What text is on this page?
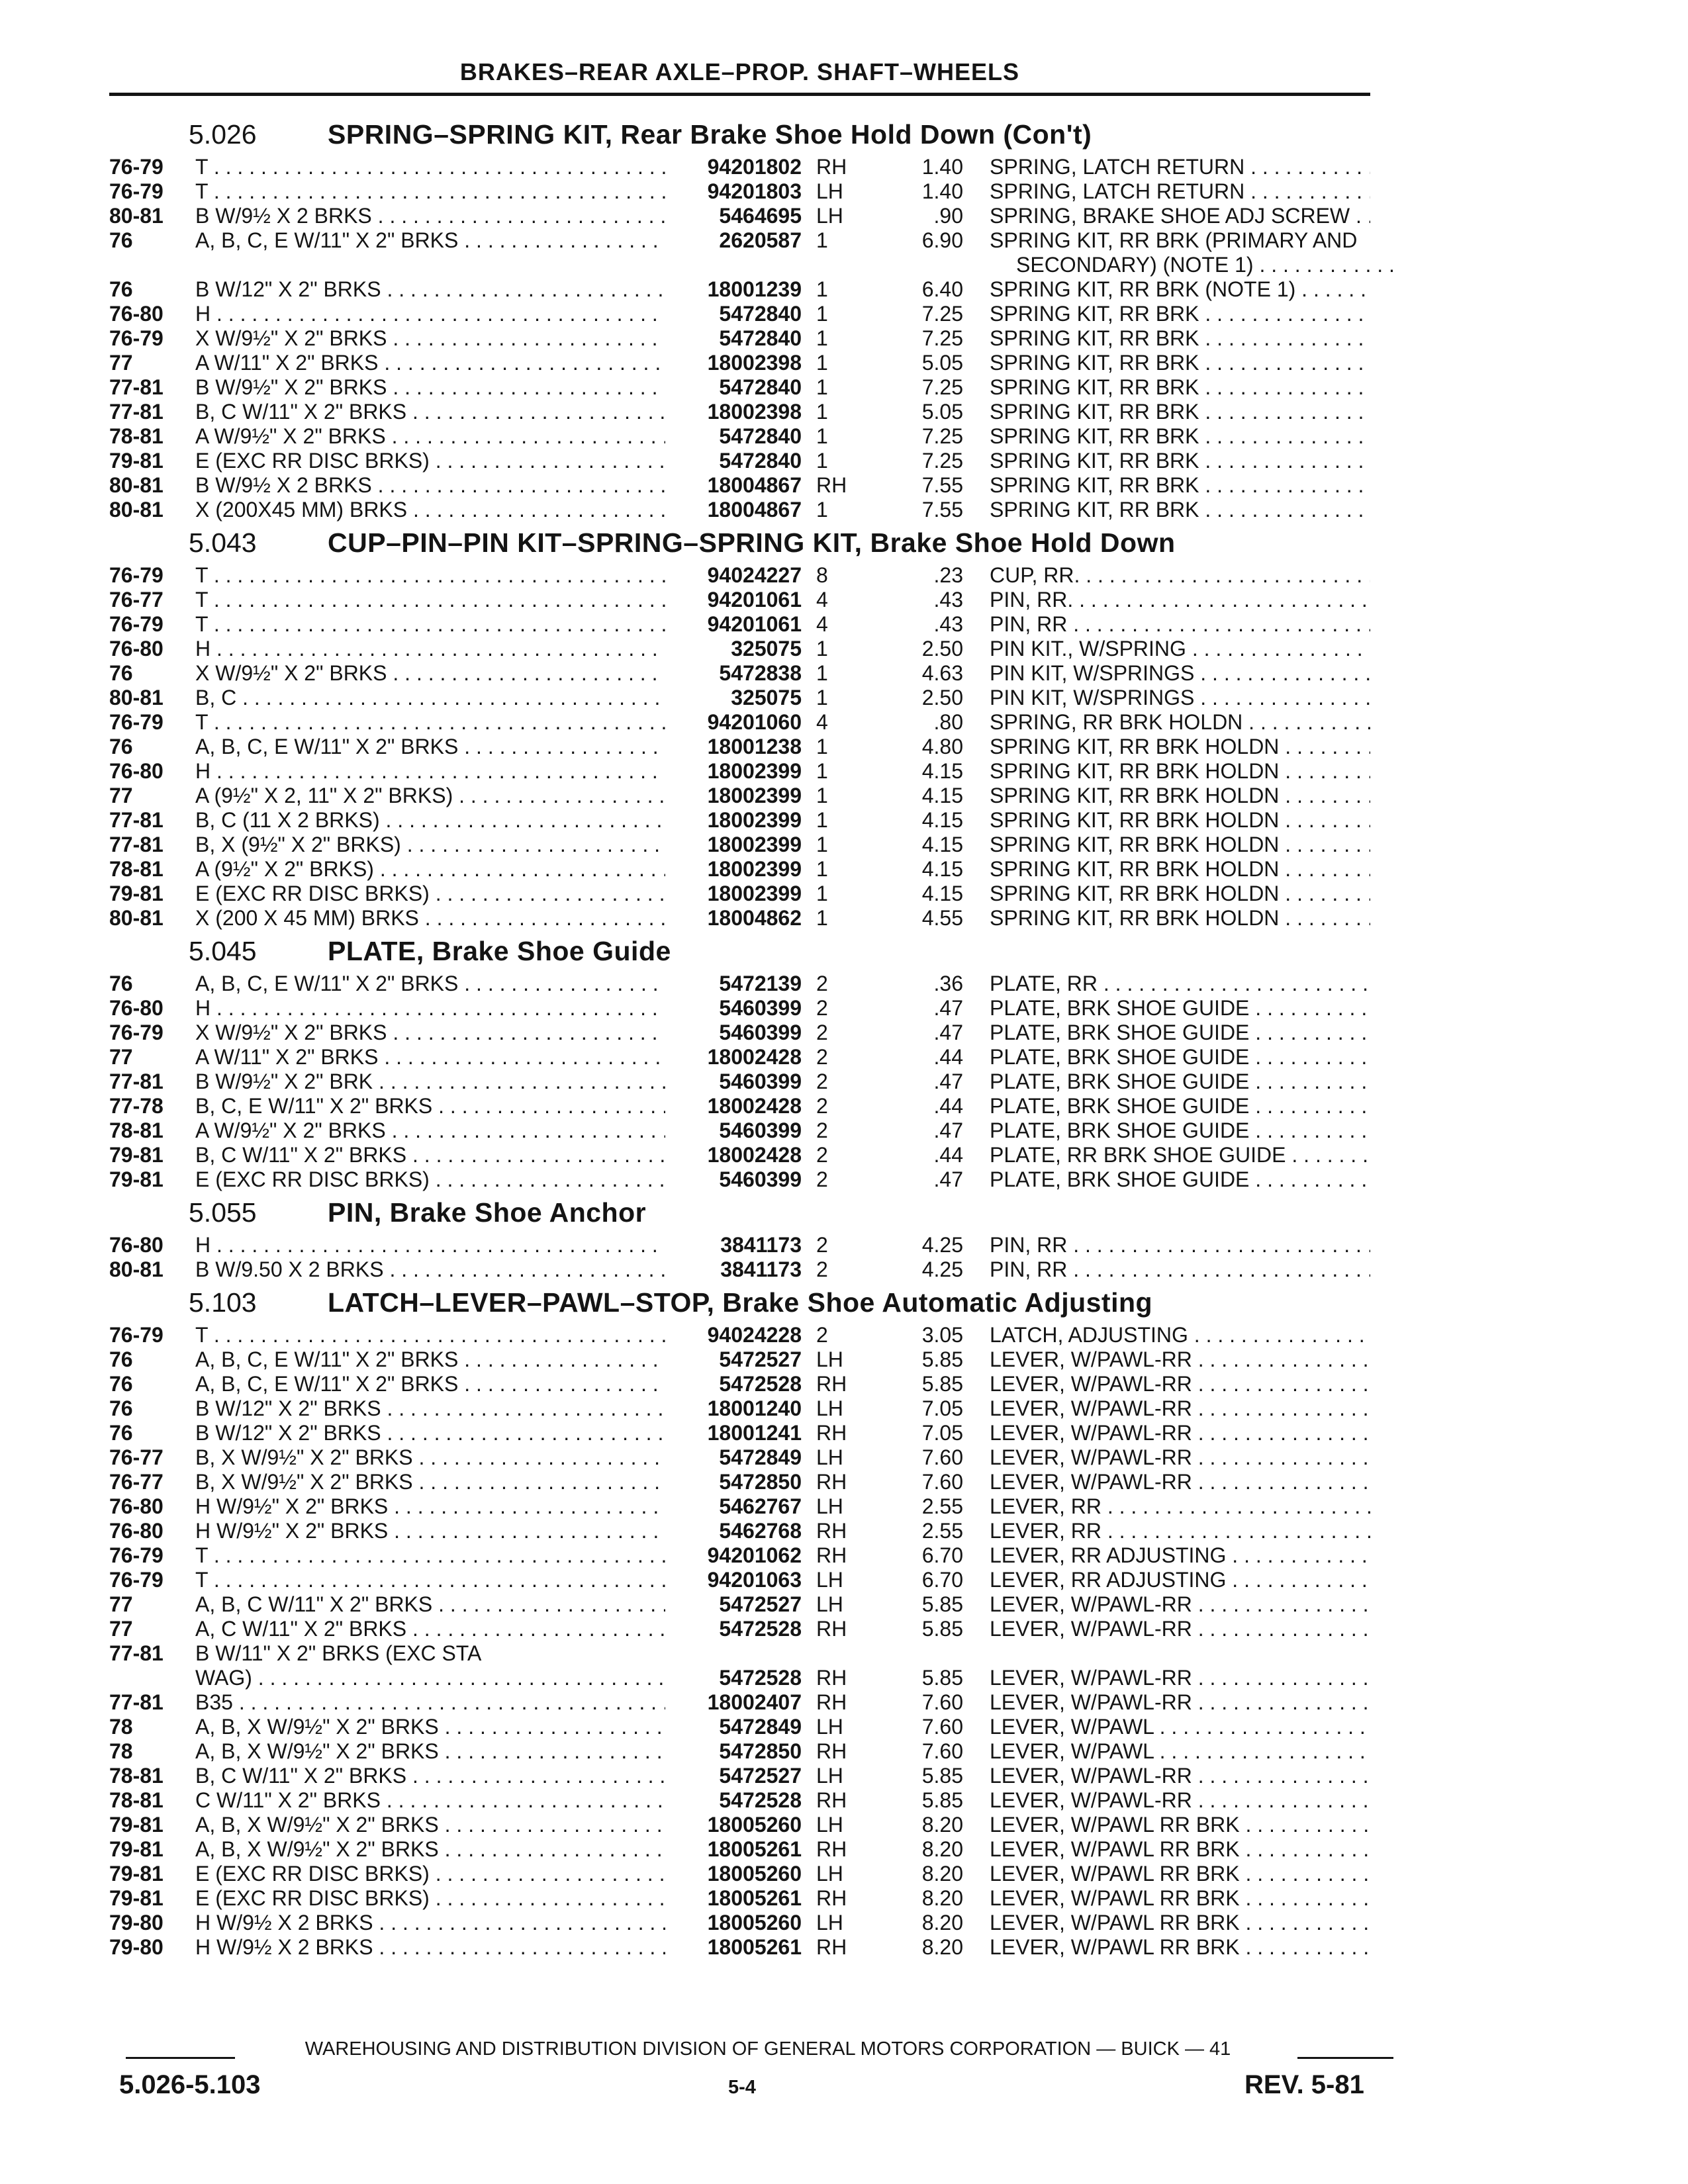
BRAKES–REAR AXLE–PROP. SHAFT–WHEELS
5.026	SPRING–SPRING KIT, Rear Brake Shoe Hold Down (Con't)
76-79	T . . .	94201802 RH	1.40 SPRING, LATCH RETURN . . .
76-79	T . . .	94201803 LH	1.40 SPRING, LATCH RETURN . . .
80-81	B W/9½ X 2 BRKS . . .	5464695 LH	.90 SPRING, BRAKE SHOE ADJ SCREW . . .
76	A, B, C, E W/11" X 2" BRKS . . .	2620587 1	6.90 SPRING KIT, RR BRK (PRIMARY AND
SECONDARY) (NOTE 1) . . .
76	B W/12" X 2" BRKS . . .	18001239 1	6.40 SPRING KIT, RR BRK (NOTE 1) . . .
76-80	H . . .	5472840 1	7.25 SPRING KIT, RR BRK . . .
76-79	X W/9½" X 2" BRKS . . .	5472840 1	7.25 SPRING KIT, RR BRK . . .
77	A W/11" X 2" BRKS . . .	18002398 1	5.05 SPRING KIT, RR BRK . . .
77-81	B W/9½" X 2" BRKS . . .	5472840 1	7.25 SPRING KIT, RR BRK . . .
77-81	B, C W/11" X 2" BRKS . . .	18002398 1	5.05 SPRING KIT, RR BRK . . .
78-81	A W/9½" X 2" BRKS . . .	5472840 1	7.25 SPRING KIT, RR BRK . . .
79-81	E (EXC RR DISC BRKS) . . .	5472840 1	7.25 SPRING KIT, RR BRK . . .
80-81	B W/9½ X 2 BRKS . . .	18004867 RH	7.55 SPRING KIT, RR BRK . . .
80-81	X (200X45 MM) BRKS . . .	18004867 1	7.55 SPRING KIT, RR BRK . . .
5.043	CUP–PIN–PIN KIT–SPRING–SPRING KIT, Brake Shoe Hold Down
76-79	T . . .	94024227 8	.23 CUP, RR. . . .
76-77	T . . .	94201061 4	.43 PIN, RR. . . .
76-79	T . . .	94201061 4	.43 PIN, RR . . .
76-80	H . . .	325075 1	2.50 PIN KIT., W/SPRING . . .
76	X W/9½" X 2" BRKS . . .	5472838 1	4.63 PIN KIT, W/SPRINGS . . .
80-81	B, C . . .	325075 1	2.50 PIN KIT, W/SPRINGS . . .
76-79	T . . .	94201060 4	.80 SPRING, RR BRK HOLDN . . .
76	A, B, C, E W/11" X 2" BRKS . . .	18001238 1	4.80 SPRING KIT, RR BRK HOLDN . . .
76-80	H . . .	18002399 1	4.15 SPRING KIT, RR BRK HOLDN . . .
77	A (9½" X 2, 11" X 2" BRKS) . . .	18002399 1	4.15 SPRING KIT, RR BRK HOLDN . . .
77-81	B, C (11 X 2 BRKS) . . .	18002399 1	4.15 SPRING KIT, RR BRK HOLDN . . .
77-81	B, X (9½" X 2" BRKS) . . .	18002399 1	4.15 SPRING KIT, RR BRK HOLDN . . .
78-81	A (9½" X 2" BRKS) . . .	18002399 1	4.15 SPRING KIT, RR BRK HOLDN . . .
79-81	E (EXC RR DISC BRKS) . . .	18002399 1	4.15 SPRING KIT, RR BRK HOLDN . . .
80-81	X (200 X 45 MM) BRKS . . .	18004862 1	4.55 SPRING KIT, RR BRK HOLDN . . .
5.045	PLATE, Brake Shoe Guide
76	A, B, C, E W/11" X 2" BRKS . . .	5472139 2	.36 PLATE, RR . . .
76-80	H . . .	5460399 2	.47 PLATE, BRK SHOE GUIDE . . .
76-79	X W/9½" X 2" BRKS . . .	5460399 2	.47 PLATE, BRK SHOE GUIDE . . .
77	A W/11" X 2" BRKS . . .	18002428 2	.44 PLATE, BRK SHOE GUIDE . . .
77-81	B W/9½" X 2" BRK . . .	5460399 2	.47 PLATE, BRK SHOE GUIDE . . .
77-78	B, C, E W/11" X 2" BRKS . . .	18002428 2	.44 PLATE, BRK SHOE GUIDE . . .
78-81	A W/9½" X 2" BRKS . . .	5460399 2	.47 PLATE, BRK SHOE GUIDE . . .
79-81	B, C W/11" X 2" BRKS . . .	18002428 2	.44 PLATE, RR BRK SHOE GUIDE . . .
79-81	E (EXC RR DISC BRKS) . . .	5460399 2	.47 PLATE, BRK SHOE GUIDE . . .
5.055	PIN, Brake Shoe Anchor
76-80	H . . .	3841173 2	4.25 PIN, RR . . .
80-81	B W/9.50 X 2 BRKS . . .	3841173 2	4.25 PIN, RR . . .
5.103	LATCH–LEVER–PAWL–STOP, Brake Shoe Automatic Adjusting
76-79	T . . .	94024228 2	3.05 LATCH, ADJUSTING . . .
76	A, B, C, E W/11" X 2" BRKS . . .	5472527 LH	5.85 LEVER, W/PAWL-RR . . .
76	A, B, C, E W/11" X 2" BRKS . . .	5472528 RH	5.85 LEVER, W/PAWL-RR . . .
76	B W/12" X 2" BRKS . . .	18001240 LH	7.05 LEVER, W/PAWL-RR . . .
76	B W/12" X 2" BRKS . . .	18001241 RH	7.05 LEVER, W/PAWL-RR . . .
76-77	B, X W/9½" X 2" BRKS . . .	5472849 LH	7.60 LEVER, W/PAWL-RR . . .
76-77	B, X W/9½" X 2" BRKS . . .	5472850 RH	7.60 LEVER, W/PAWL-RR . . .
76-80	H W/9½" X 2" BRKS . . .	5462767 LH	2.55 LEVER, RR . . .
76-80	H W/9½" X 2" BRKS . . .	5462768 RH	2.55 LEVER, RR . . .
76-79	T . . .	94201062 RH	6.70 LEVER, RR ADJUSTING . . .
76-79	T . . .	94201063 LH	6.70 LEVER, RR ADJUSTING . . .
77	A, B, C W/11" X 2" BRKS . . .	5472527 LH	5.85 LEVER, W/PAWL-RR . . .
77	A, C W/11" X 2" BRKS . . .	5472528 RH	5.85 LEVER, W/PAWL-RR . . .
77-81	B W/11" X 2" BRKS (EXC STA
WAG) . . .	5472528 RH	5.85 LEVER, W/PAWL-RR . . .
77-81	B35 . . .	18002407 RH	7.60 LEVER, W/PAWL-RR . . .
78	A, B, X W/9½" X 2" BRKS . . .	5472849 LH	7.60 LEVER, W/PAWL . . .
78	A, B, X W/9½" X 2" BRKS . . .	5472850 RH	7.60 LEVER, W/PAWL . . .
78-81	B, C W/11" X 2" BRKS . . .	5472527 LH	5.85 LEVER, W/PAWL-RR . . .
78-81	C W/11" X 2" BRKS . . .	5472528 RH	5.85 LEVER, W/PAWL-RR . . .
79-81	A, B, X W/9½" X 2" BRKS . . .	18005260 LH	8.20 LEVER, W/PAWL RR BRK . . .
79-81	A, B, X W/9½" X 2" BRKS . . .	18005261 RH	8.20 LEVER, W/PAWL RR BRK . . .
79-81	E (EXC RR DISC BRKS) . . .	18005260 LH	8.20 LEVER, W/PAWL RR BRK . . .
79-81	E (EXC RR DISC BRKS) . . .	18005261 RH	8.20 LEVER, W/PAWL RR BRK . . .
79-80	H W/9½ X 2 BRKS . . .	18005260 LH	8.20 LEVER, W/PAWL RR BRK . . .
79-80	H W/9½ X 2 BRKS . . .	18005261 RH	8.20 LEVER, W/PAWL RR BRK . . .
WAREHOUSING AND DISTRIBUTION DIVISION OF GENERAL MOTORS CORPORATION — BUICK — 41
5.026-5.103	5-4	REV. 5-81
